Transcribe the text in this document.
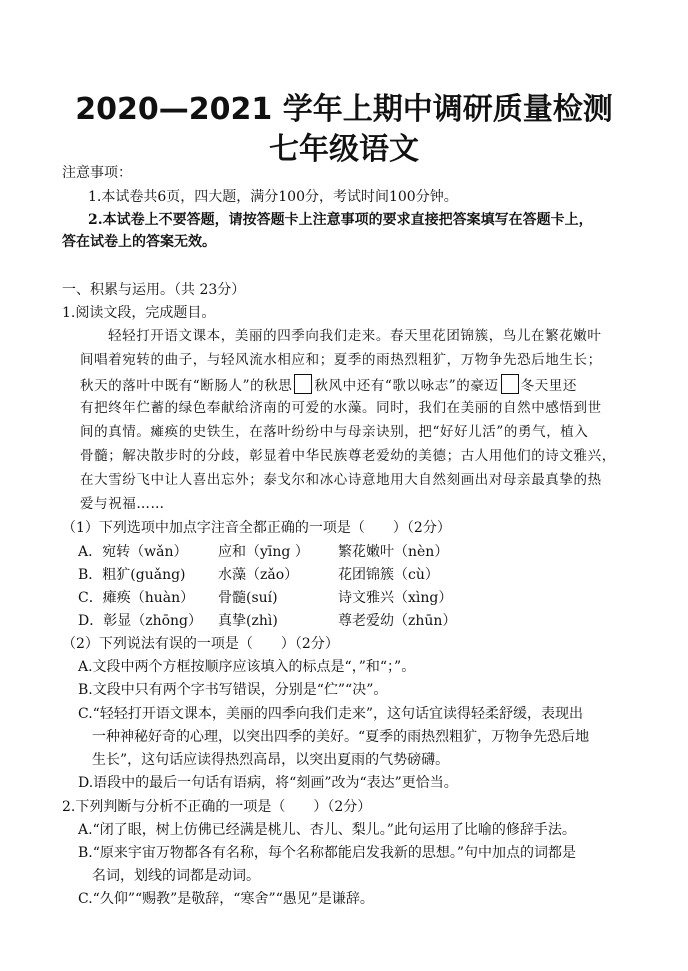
2020—2021 学年上期中调研质量检测
七年级语文
注意事项：
1.本试卷共6页，四大题，满分100分，考试时间100分钟。
2.本试卷上不要答题，请按答题卡上注意事项的要求直接把答案填写在答题卡上，
答在试卷上的答案无效。
一、积累与运用。（共 23分）
1.阅读文段，完成题目。
轻轻打开语文课本，美丽的四季向我们走来。春天里花团锦簇，鸟儿在繁花嫩叶
间唱着宛转的曲子，与轻风流水相应和；夏季的雨热烈粗犷，万物争先恐后地生长；
秋天的落叶中既有“断肠人”的秋思 秋风中还有“歌以咏志”的豪迈 冬天里还
有把终年伫蓄的绿色奉献给济南的可爱的水藻。同时，我们在美丽的自然中感悟到世
间的真情。瘫痪的史铁生，在落叶纷纷中与母亲诀别，把“好好儿活”的勇气，植入
骨髓；解决散步时的分歧，彰显着中华民族尊老爱幼的美德；古人用他们的诗文雅兴，
在大雪纷飞中让人喜出忘外；泰戈尔和冰心诗意地用大自然刻画出对母亲最真挚的热
爱与祝福……
（1）下列选项中加点字注音全都正确的一项是（　　）（2分）
A．宛转（wǎn） 应和（yīng ） 繁花嫩叶（nèn）
B．粗犷(guǎng) 水藻（zǎo）	花团锦簇（cù）
C．瘫痪（huàn） 骨髓(suí)	诗文雅兴（xìng）
D．彰显（zhōng） 真挚(zhì)	尊老爱幼（zhūn）
（2）下列说法有误的一项是（　　）（2分）
A.文段中两个方框按顺序应该填入的标点是“，”和“；”。
B.文段中只有两个字书写错误，分别是“伫”“决”。
C.“轻轻打开语文课本，美丽的四季向我们走来”，这句话宜读得轻柔舒缓，表现出
一种神秘好奇的心理，以突出四季的美好。“夏季的雨热烈粗犷，万物争先恐后地
生长”，这句话应读得热烈高昂，以突出夏雨的气势磅礴。
D.语段中的最后一句话有语病，将“刻画”改为“表达”更恰当。
2.下列判断与分析不正确的一项是（　　）（2分）
A.“闭了眼，树上仿佛已经满是桃儿、杏儿、梨儿。”此句运用了比喻的修辞手法。
B.“原来宇宙万物都各有名称，每个名称都能启发我新的思想。”句中加点的词都是
名词，划线的词都是动词。
C.“久仰”“赐教”是敬辞，“寒舍”“愚见”是谦辞。
